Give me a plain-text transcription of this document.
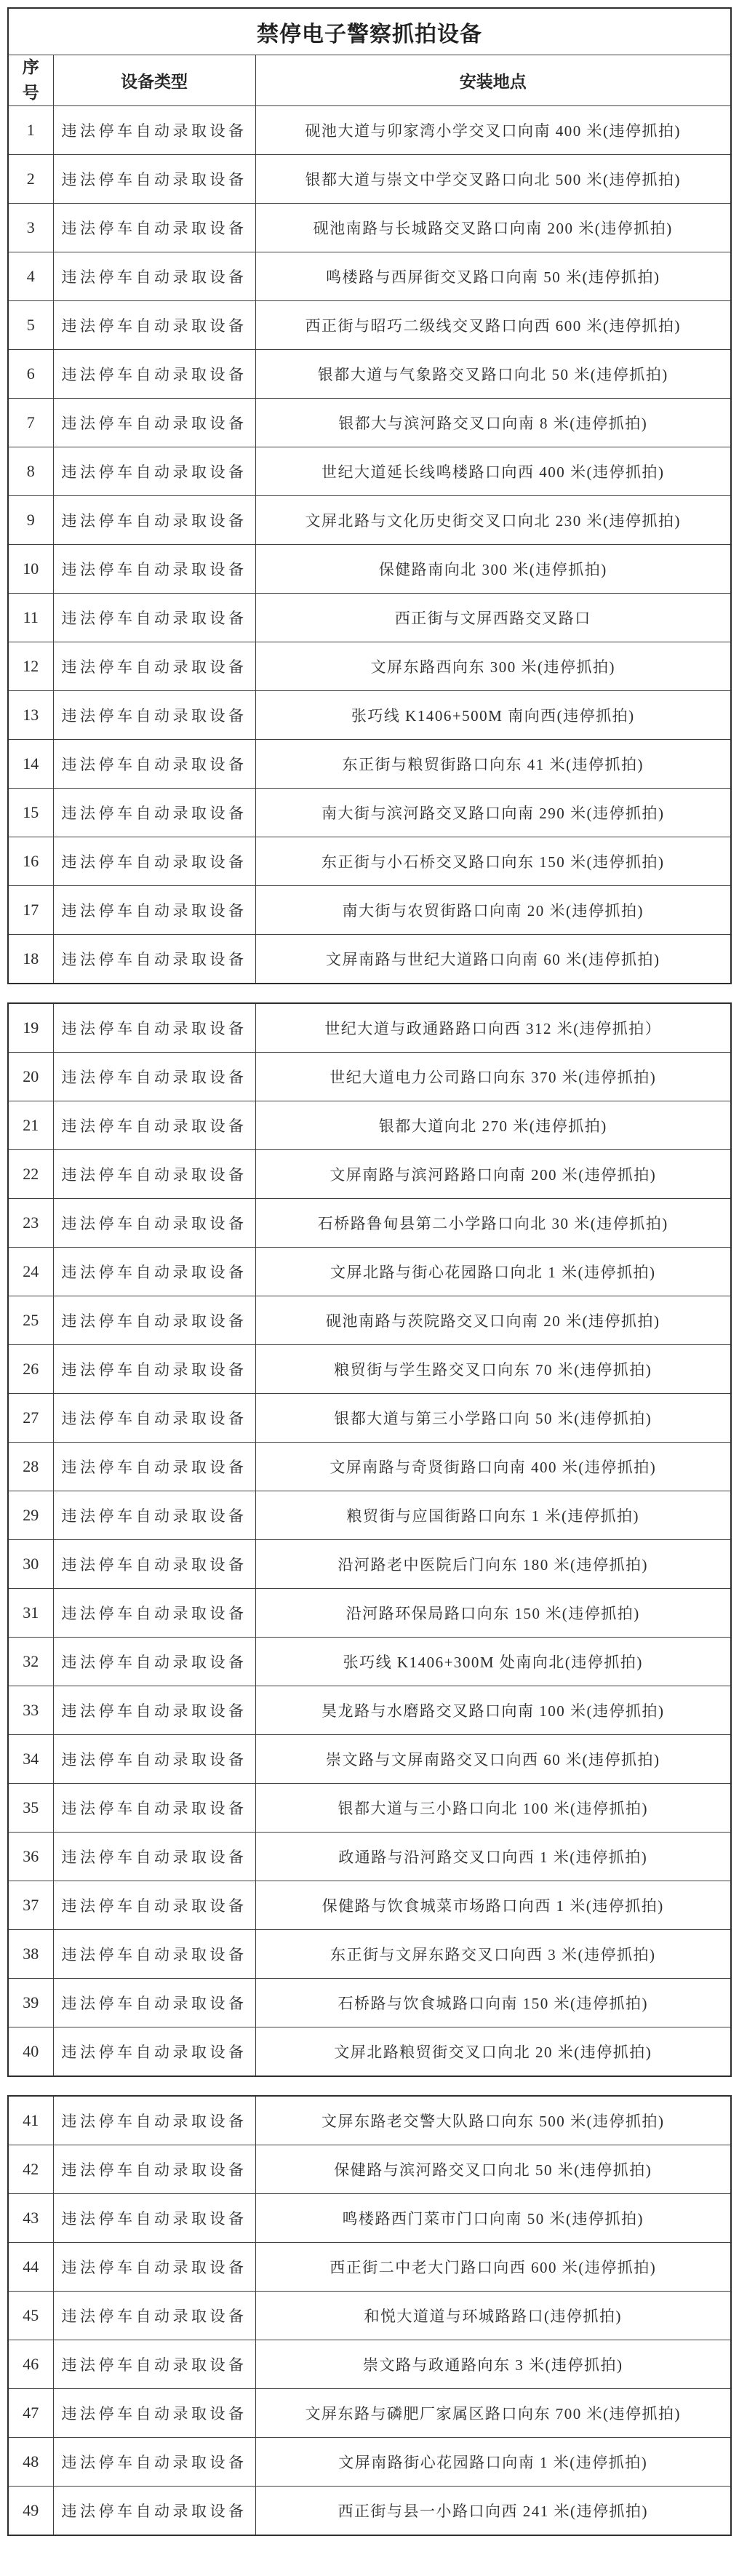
禁停电子警察抓拍设备		
序号	设备类型	安装地点
1	违法停车自动录取设备	砚池大道与卯家湾小学交叉口向南 400 米(违停抓拍)
2	违法停车自动录取设备	银都大道与崇文中学交叉路口向北 500 米(违停抓拍)
3	违法停车自动录取设备	砚池南路与长城路交叉路口向南 200 米(违停抓拍)
4	违法停车自动录取设备	鸣楼路与西屏街交叉路口向南 50 米(违停抓拍)
5	违法停车自动录取设备	西正街与昭巧二级线交叉路口向西 600 米(违停抓拍)
6	违法停车自动录取设备	银都大道与气象路交叉路口向北 50 米(违停抓拍)
7	违法停车自动录取设备	银都大与滨河路交叉口向南 8 米(违停抓拍)
8	违法停车自动录取设备	世纪大道延长线鸣楼路口向西 400 米(违停抓拍)
9	违法停车自动录取设备	文屏北路与文化历史街交叉口向北 230 米(违停抓拍)
10	违法停车自动录取设备	保健路南向北 300 米(违停抓拍)
11	违法停车自动录取设备	西正街与文屏西路交叉路口
12	违法停车自动录取设备	文屏东路西向东 300 米(违停抓拍)
13	违法停车自动录取设备	张巧线 K1406+500M 南向西(违停抓拍)
14	违法停车自动录取设备	东正街与粮贸街路口向东 41 米(违停抓拍)
15	违法停车自动录取设备	南大街与滨河路交叉路口向南 290 米(违停抓拍)
16	违法停车自动录取设备	东正街与小石桥交叉路口向东 150 米(违停抓拍)
17	违法停车自动录取设备	南大街与农贸街路口向南 20 米(违停抓拍)
18	违法停车自动录取设备	文屏南路与世纪大道路口向南 60 米(违停抓拍)
19	违法停车自动录取设备	世纪大道与政通路路口向西 312 米(违停抓拍）
20	违法停车自动录取设备	世纪大道电力公司路口向东 370 米(违停抓拍)
21	违法停车自动录取设备	银都大道向北 270 米(违停抓拍)
22	违法停车自动录取设备	文屏南路与滨河路路口向南 200 米(违停抓拍)
23	违法停车自动录取设备	石桥路鲁甸县第二小学路口向北 30 米(违停抓拍)
24	违法停车自动录取设备	文屏北路与街心花园路口向北 1 米(违停抓拍)
25	违法停车自动录取设备	砚池南路与茨院路交叉口向南 20 米(违停抓拍)
26	违法停车自动录取设备	粮贸街与学生路交叉口向东 70 米(违停抓拍)
27	违法停车自动录取设备	银都大道与第三小学路口向 50 米(违停抓拍)
28	违法停车自动录取设备	文屏南路与奇贤街路口向南 400 米(违停抓拍)
29	违法停车自动录取设备	粮贸街与应国街路口向东 1 米(违停抓拍)
30	违法停车自动录取设备	沿河路老中医院后门向东 180 米(违停抓拍)
31	违法停车自动录取设备	沿河路环保局路口向东 150 米(违停抓拍)
32	违法停车自动录取设备	张巧线 K1406+300M 处南向北(违停抓拍)
33	违法停车自动录取设备	昊龙路与水磨路交叉路口向南 100 米(违停抓拍)
34	违法停车自动录取设备	崇文路与文屏南路交叉口向西 60 米(违停抓拍)
35	违法停车自动录取设备	银都大道与三小路口向北 100 米(违停抓拍)
36	违法停车自动录取设备	政通路与沿河路交叉口向西 1 米(违停抓拍)
37	违法停车自动录取设备	保健路与饮食城菜市场路口向西 1 米(违停抓拍)
38	违法停车自动录取设备	东正街与文屏东路交叉口向西 3 米(违停抓拍)
39	违法停车自动录取设备	石桥路与饮食城路口向南 150 米(违停抓拍)
40	违法停车自动录取设备	文屏北路粮贸街交叉口向北 20 米(违停抓拍)
41	违法停车自动录取设备	文屏东路老交警大队路口向东 500 米(违停抓拍)
42	违法停车自动录取设备	保健路与滨河路交叉口向北 50 米(违停抓拍)
43	违法停车自动录取设备	鸣楼路西门菜市门口向南 50 米(违停抓拍)
44	违法停车自动录取设备	西正街二中老大门路口向西 600 米(违停抓拍)
45	违法停车自动录取设备	和悦大道道与环城路路口(违停抓拍)
46	违法停车自动录取设备	崇文路与政通路向东 3 米(违停抓拍)
47	违法停车自动录取设备	文屏东路与磷肥厂家属区路口向东 700 米(违停抓拍)
48	违法停车自动录取设备	文屏南路街心花园路口向南 1 米(违停抓拍)
49	违法停车自动录取设备	西正街与县一小路口向西 241 米(违停抓拍)
